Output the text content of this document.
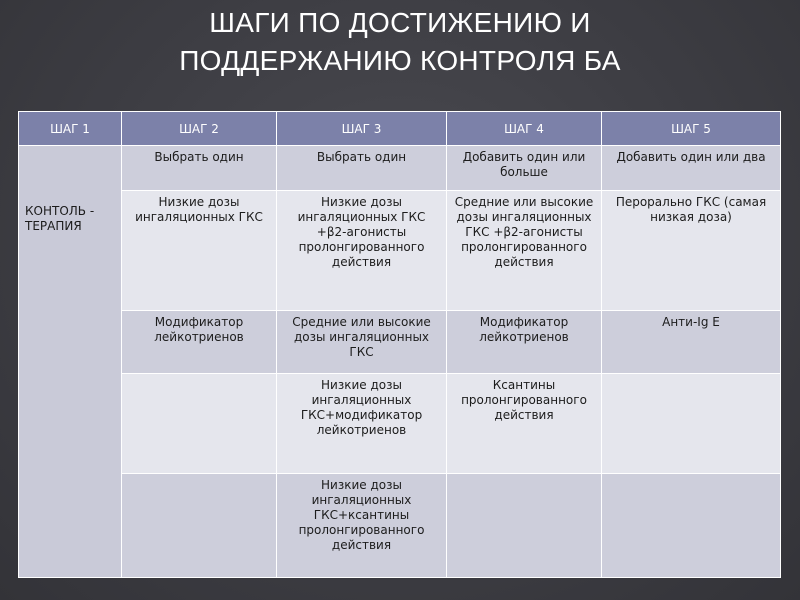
ШАГИ ПО ДОСТИЖЕНИЮ И
ПОДДЕРЖАНИЮ КОНТРОЛЯ БА
ШАГ 1	ШАГ 2	ШАГ 3	ШАГ 4	ШАГ 5

КОНТОЛЬ -
ТЕРАПИЯ	Выбрать один	Выбрать один	Добавить один или больше	Добавить один или два
	Низкие дозы ингаляционных ГКС	Низкие дозы ингаляционных ГКС +β2-агонисты пролонгированного действия	Средние или высокие дозы ингаляционных ГКС +β2-агонисты пролонгированного действия	Перорально ГКС (самая низкая доза)
	Модификатор лейкотриенов	Средние или высокие дозы ингаляционных ГКС	Модификатор лейкотриенов	Анти-Ig E
		Низкие дозы ингаляционных ГКС+модификатор лейкотриенов	Ксантины пролонгированного действия	
		Низкие дозы ингаляционных ГКС+ксантины пролонгированного действия		
